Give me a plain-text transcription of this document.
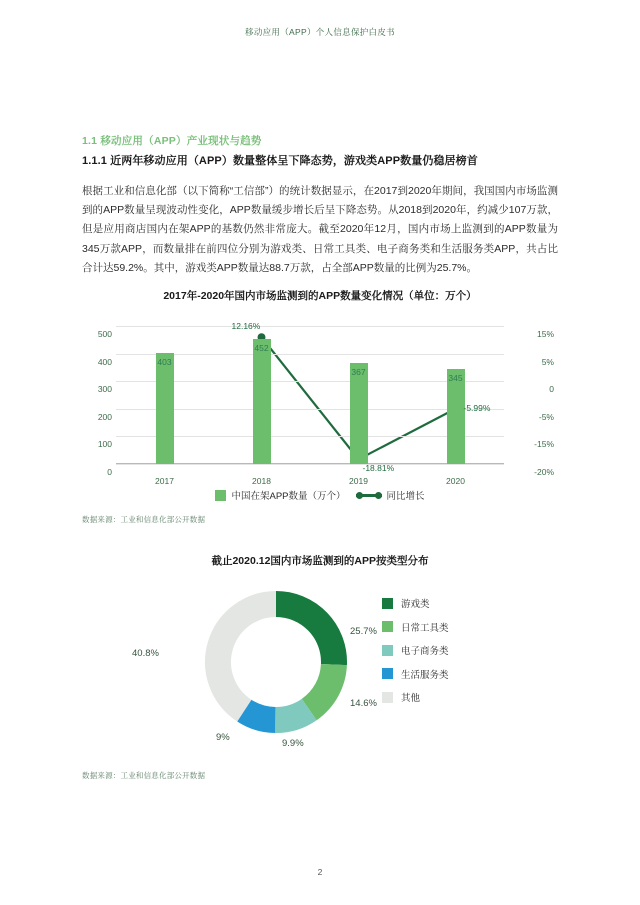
移动应用（APP）个人信息保护白皮书
1.1 移动应用（APP）产业现状与趋势
1.1.1 近两年移动应用（APP）数量整体呈下降态势，游戏类APP数量仍稳居榜首
根据工业和信息化部（以下简称“工信部”）的统计数据显示，在2017到2020年期间，我国国内市场监测到的APP数量呈现波动性变化，APP数量缓步增长后呈下降态势。从2018到2020年，约减少107万款，但是应用商店国内在架APP的基数仍然非常庞大。截至2020年12月，国内市场上监测到的APP数量为345万款APP，而数量排在前四位分别为游戏类、日常工具类、电子商务类和生活服务类APP，共占比合计达59.2%。其中，游戏类APP数量达88.7万款，占全部APP数量的比例为25.7%。
2017年-2020年国内市场监测到的APP数量变化情况（单位：万个）
0
100
200
300
400
500	15%
5%
0
-5%
-15%
-20%
403
2017
452
2018
367
2019
345
2020
12.16%
-18.81%
-5.99%
中国在架APP数量（万个）	同比增长
数据来源：工业和信息化部公开数据
截止2020.12国内市场监测到的APP按类型分布
25.7%
14.6%
9.9%
9%
40.8%
游戏类
日常工具类
电子商务类
生活服务类
其他
数据来源：工业和信息化部公开数据
2
